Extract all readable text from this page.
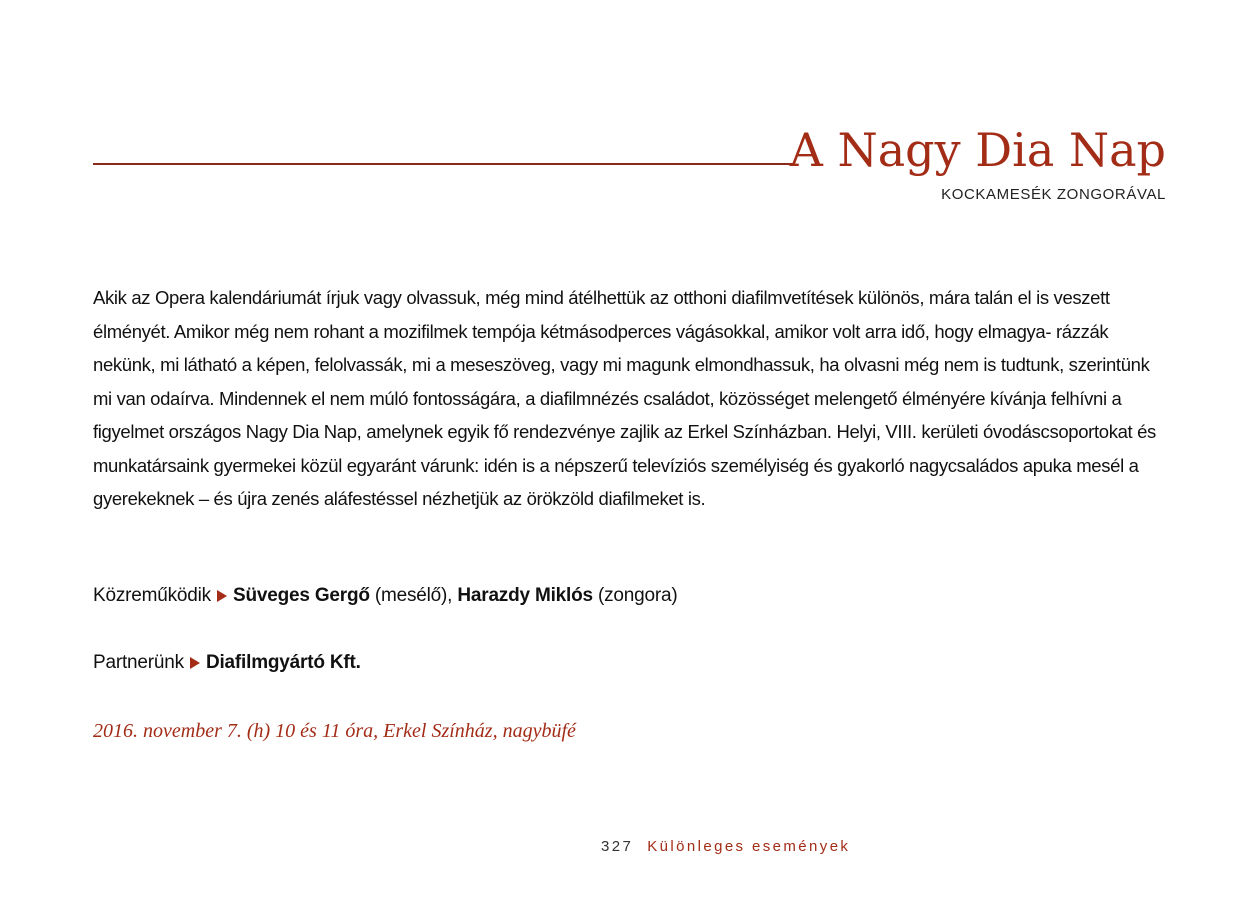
A Nagy Dia Nap
KOCKAMESÉK ZONGORÁVAL

Akik az Opera kalendáriumát írjuk vagy olvassuk, még mind átélhettük az otthoni diafilmvetítések különös, mára talán el is veszett élményét. Amikor még nem rohant a mozifilmek tempója kétmásodperces vágásokkal, amikor volt arra idő, hogy elmagya- rázzák nekünk, mi látható a képen, felolvassák, mi a meseszöveg, vagy mi magunk elmondhassuk, ha olvasni még nem is tudtunk, szerintünk mi van odaírva. Mindennek el nem múló fontosságára, a diafilmnézés családot, közösséget melengető élményére kívánja felhívni a figyelmet országos Nagy Dia Nap, amelynek egyik fő rendezvénye zajlik az Erkel Színházban. Helyi, VIII. kerületi óvodáscsoportokat és munkatársaink gyermekei közül egyaránt várunk: idén is a népszerű televíziós személyiség és gyakorló nagycsaládos apuka mesél a gyerekeknek – és újra zenés aláfestéssel nézhetjük az örökzöld diafilmeket is.

Közreműködik Süveges Gergő (mesélő), Harazdy Miklós (zongora)
Partnerünk Diafilmgyártó Kft.
2016. november 7. (h) 10 és 11 óra, Erkel Színház, nagybüfé
327 Különleges események
